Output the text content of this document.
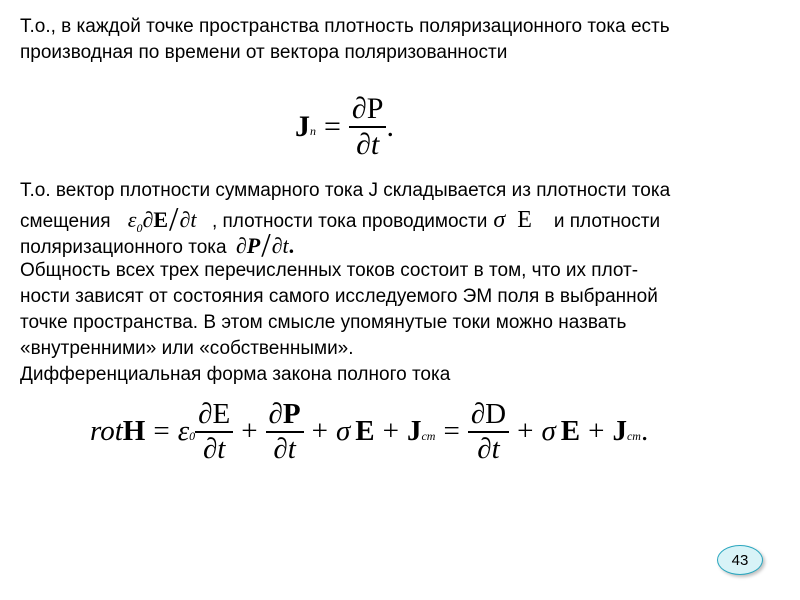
Т.о., в каждой точке пространства плотность поляризационного тока есть
производная по времени от вектора поляризованности
J $n = \frac{\partial P}{\partial t}$ .
Т.о. вектор плотности суммарного тока J складывается из плотности тока
смещения $\varepsilon_0\partial E/\partial t$ , плотности тока проводимости σ E и плотности
поляризационного тока ∂P/∂t.
Общность всех трех перечисленных токов состоит в том, что их плот-
ности зависят от состояния самого исследуемого ЭМ поля в выбранной
точке пространства. В этом смысле упомянутые токи можно назвать
«внутренними» или «собственными».
Дифференциальная форма закона полного тока
rot H = ε $0 \frac{\partial E}{\partial t} + \frac{\partial P}{\partial t} + \sigma$ E + J cm = $\frac{\partial D}{\partial t} + \sigma$ E + J cm .
43
